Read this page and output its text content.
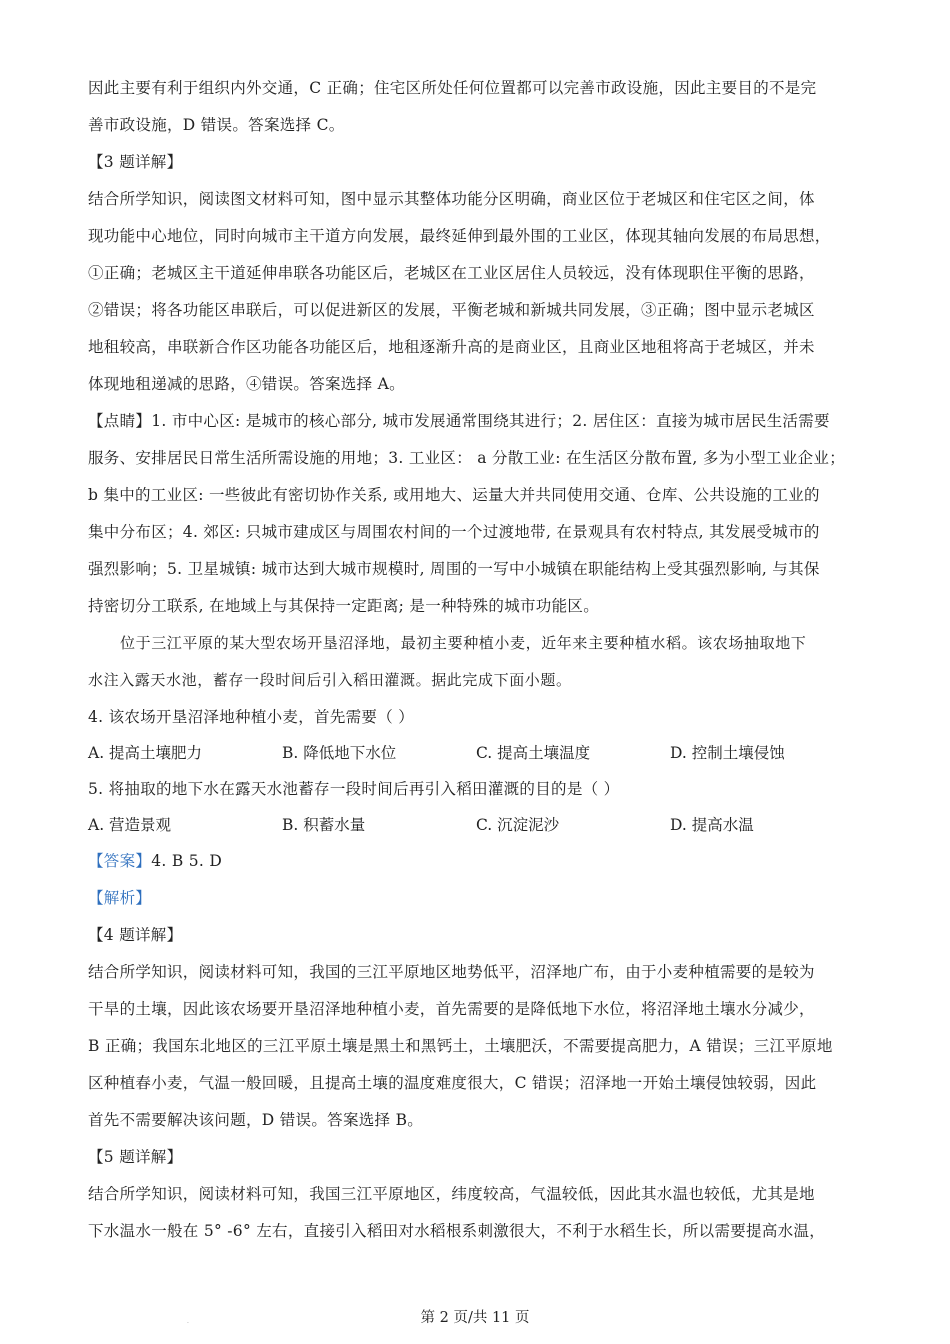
因此主要有利于组织内外交通，C 正确；住宅区所处任何位置都可以完善市政设施，因此主要目的不是完
善市政设施，D 错误。答案选择 C。
【3 题详解】
结合所学知识，阅读图文材料可知，图中显示其整体功能分区明确，商业区位于老城区和住宅区之间，体
现功能中心地位，同时向城市主干道方向发展，最终延伸到最外围的工业区，体现其轴向发展的布局思想，
①正确；老城区主干道延伸串联各功能区后，老城区在工业区居住人员较远，没有体现职住平衡的思路，
②错误；将各功能区串联后，可以促进新区的发展，平衡老城和新城共同发展，③正确；图中显示老城区
地租较高，串联新合作区功能各功能区后，地租逐渐升高的是商业区，且商业区地租将高于老城区，并未
体现地租递减的思路，④错误。答案选择 A。
【点睛】1. 市中心区: 是城市的核心部分, 城市发展通常围绕其进行；2. 居住区：直接为城市居民生活需要
服务、安排居民日常生活所需设施的用地；3. 工业区： a 分散工业: 在生活区分散布置, 多为小型工业企业；
b 集中的工业区: 一些彼此有密切协作关系, 或用地大、运量大并共同使用交通、仓库、公共设施的工业的
集中分布区；4. 郊区: 只城市建成区与周围农村间的一个过渡地带, 在景观具有农村特点, 其发展受城市的
强烈影响；5. 卫星城镇: 城市达到大城市规模时, 周围的一写中小城镇在职能结构上受其强烈影响, 与其保
持密切分工联系, 在地域上与其保持一定距离; 是一种特殊的城市功能区。
位于三江平原的某大型农场开垦沼泽地，最初主要种植小麦，近年来主要种植水稻。该农场抽取地下
水注入露天水池，蓄存一段时间后引入稻田灌溉。据此完成下面小题。
4. 该农场开垦沼泽地种植小麦，首先需要（ ）
A. 提高土壤肥力	B. 降低地下水位	C. 提高土壤温度	D. 控制土壤侵蚀
5. 将抽取的地下水在露天水池蓄存一段时间后再引入稻田灌溉的目的是（ ）
A. 营造景观	B. 积蓄水量	C. 沉淀泥沙	D. 提高水温
【答案】4. B 5. D
【解析】
【4 题详解】
结合所学知识，阅读材料可知，我国的三江平原地区地势低平，沼泽地广布，由于小麦种植需要的是较为
干旱的土壤，因此该农场要开垦沼泽地种植小麦，首先需要的是降低地下水位，将沼泽地土壤水分减少，
B 正确；我国东北地区的三江平原土壤是黑土和黑钙土，土壤肥沃，不需要提高肥力，A 错误；三江平原地
区种植春小麦，气温一般回暖，且提高土壤的温度难度很大，C 错误；沼泽地一开始土壤侵蚀较弱，因此
首先不需要解决该问题，D 错误。答案选择 B。
【5 题详解】
结合所学知识，阅读材料可知，我国三江平原地区，纬度较高，气温较低，因此其水温也较低，尤其是地
下水温水一般在 5° -6° 左右，直接引入稻田对水稻根系刺激很大，不利于水稻生长，所以需要提高水温，
·	第 2 页/共 11 页
